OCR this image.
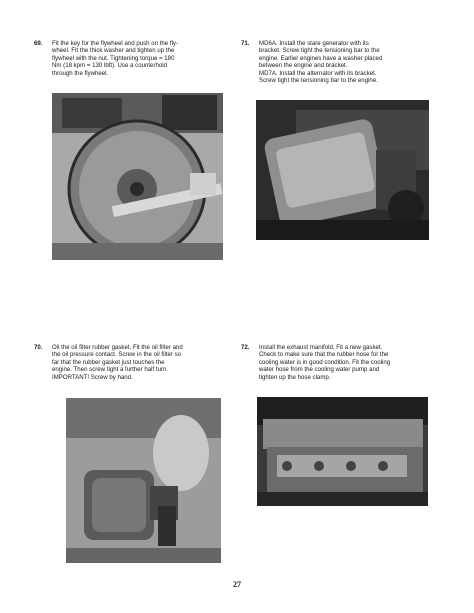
69. Fit the key for the flywheel and push on the fly-
wheel. Fit the thick washer and tighten up the
flywheel with the nut. Tightening torque = 180
Nm (18 kpm = 130 lbft). Use a counterhold
through the flywheel.
71. MD6A. Install the stare generator with its
bracket. Screw tight the tensioning bar to the
engine. Earlier engines have a washer placed
between the engine and bracket.
MD7A. Install the alternator with its bracket.
Screw tight the tensioning bar to the engine.
70. Oil the oil filter rubber gasket. Fit the oil filter and
the oil pressure contact. Screw in the oil filter so
far that the rubber gasket just touches the
engine. Then screw tight a further half turn.
IMPORTANT! Screw by hand.
72. Install the exhaust manifold. Fit a new gasket.
Check to make sure that the rubber hose for the
cooling water is in good condition. Fit the cooling
water hose from the cooling water pump and
tighten up the hose clamp.
27
